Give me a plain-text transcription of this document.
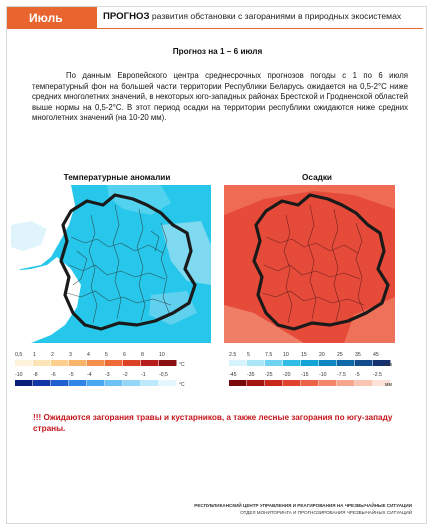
Июль	ПРОГНОЗ развития обстановки с загораниями в природных экосистемах
Прогноз на 1 – 6 июля

По данным Европейского центра среднесрочных прогнозов погоды с 1 по 6 июля температурный фон на большей части территории Республики Беларусь ожидается на 0,5-2°С ниже средних многолетних значений, в некоторых юго-западных районах Брестской и Гродненской областей выше нормы на 0,5-2°С. В этот период осадки на территории республики ожидаются ниже средних многолетних значений (на 10-20 мм).

Температурные аномалии	Осадки
0,5	1	2	3	4	5	6	8	10
°С
-10	-8	-6	-5	-4	-3	-2	-1	-0,5
°С
2.5	5	7.5	10	15	20	25	35	45
мм
-45	-35	-25	-20	-15	-10	-7.5	-5	-2.5
мм
!!! Ожидаются загорания травы и кустарников, а также лесные загорания по югу-западу страны.
РЕСПУБЛИКАНСКИЙ ЦЕНТР УПРАВЛЕНИЯ И РЕАГИРОВАНИЯ НА ЧРЕЗВЫЧАЙНЫЕ СИТУАЦИИ
ОТДЕЛ МОНИТОРИНГА И ПРОГНОЗИРОВАНИЯ ЧРЕЗВЫЧАЙНЫХ СИТУАЦИЙ
